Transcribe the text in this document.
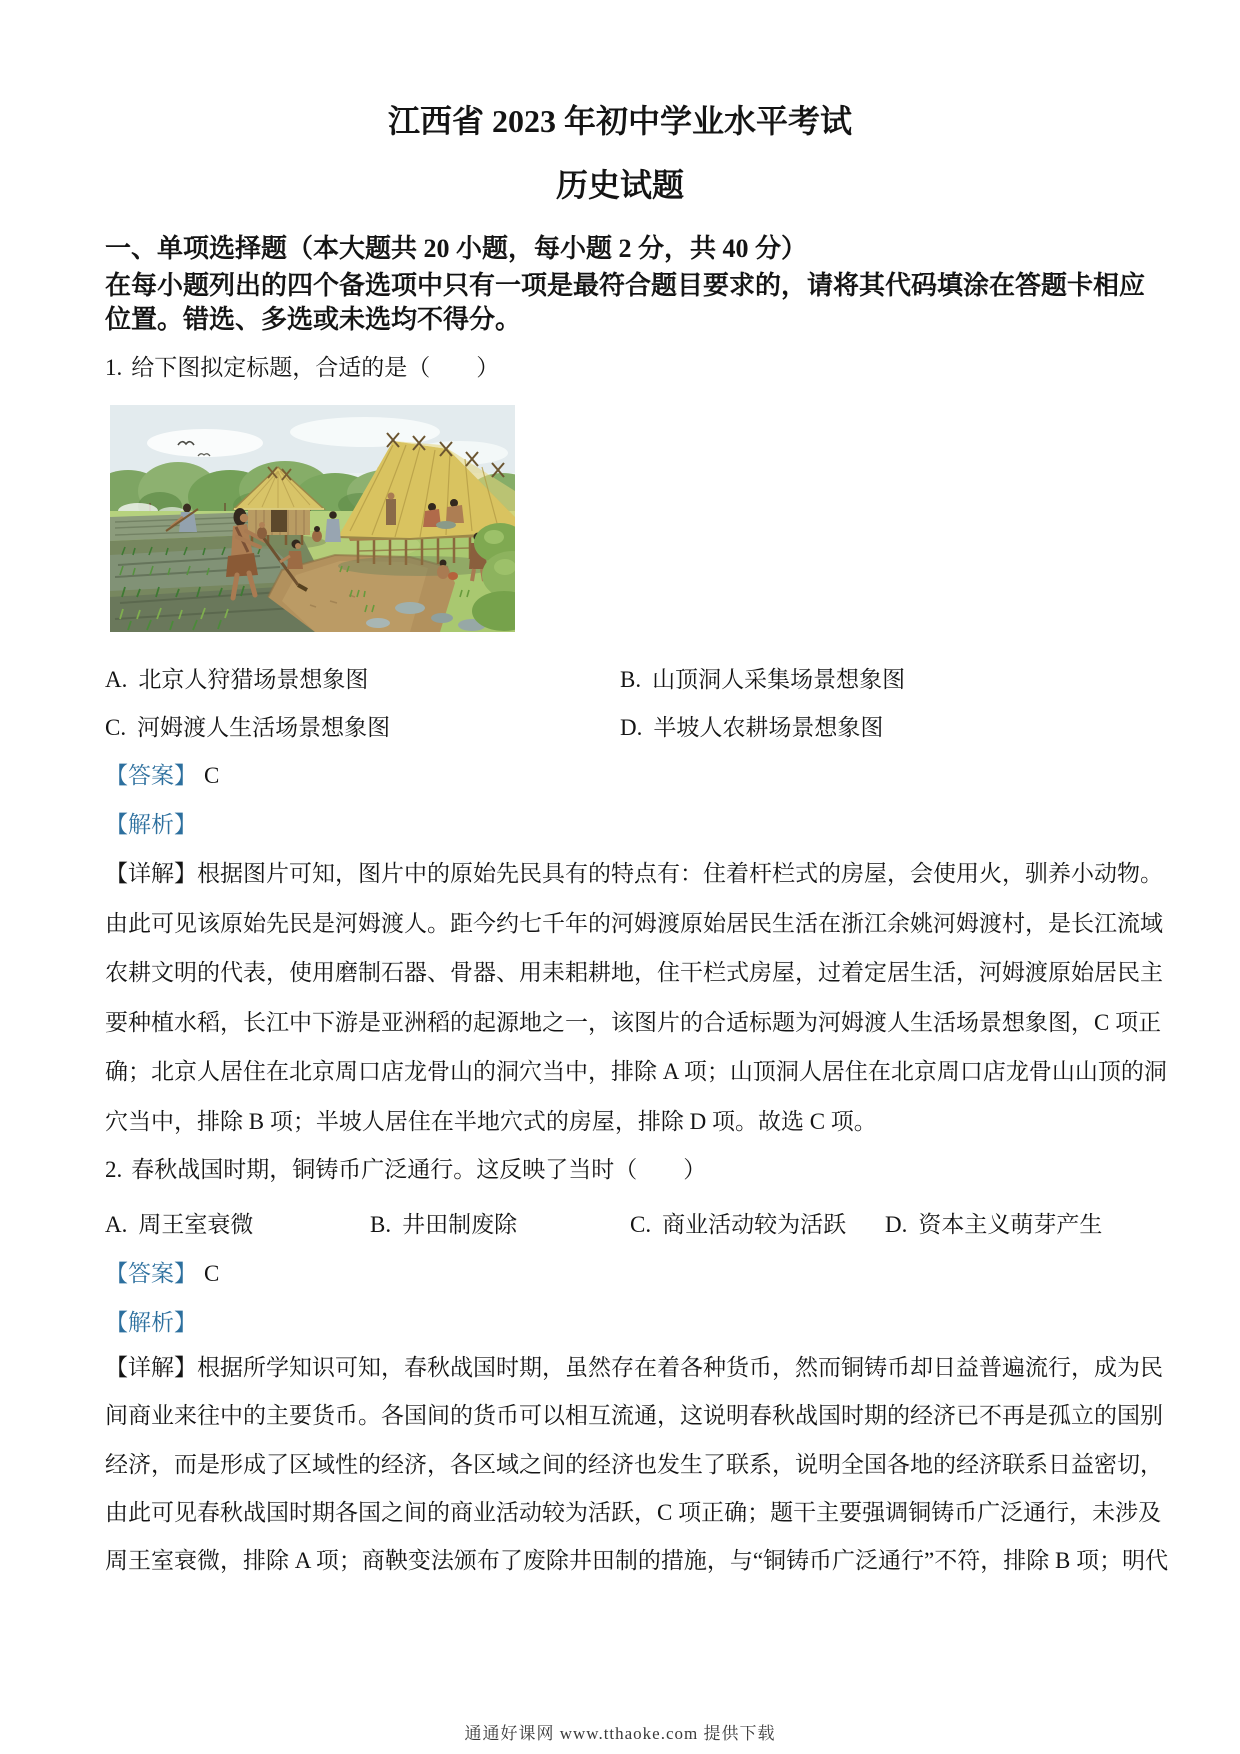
江西省 2023 年初中学业水平考试
历史试题
一、单项选择题（本大题共 20 小题，每小题 2 分，共 40 分）
在每小题列出的四个备选项中只有一项是最符合题目要求的，请将其代码填涂在答题卡相应
位置。错选、多选或未选均不得分。
1. 给下图拟定标题，合适的是（　　）
A. 北京人狩猎场景想象图	B. 山顶洞人采集场景想象图
C. 河姆渡人生活场景想象图	D. 半坡人农耕场景想象图
【答案】 C
【解析】
【详解】根据图片可知，图片中的原始先民具有的特点有：住着杆栏式的房屋，会使用火，驯养小动物。
由此可见该原始先民是河姆渡人。距今约七千年的河姆渡原始居民生活在浙江余姚河姆渡村，是长江流域
农耕文明的代表，使用磨制石器、骨器、用耒耜耕地，住干栏式房屋，过着定居生活，河姆渡原始居民主
要种植水稻，长江中下游是亚洲稻的起源地之一，该图片的合适标题为河姆渡人生活场景想象图，C 项正
确；北京人居住在北京周口店龙骨山的洞穴当中，排除 A 项；山顶洞人居住在北京周口店龙骨山山顶的洞
穴当中，排除 B 项；半坡人居住在半地穴式的房屋，排除 D 项。故选 C 项。
2. 春秋战国时期，铜铸币广泛通行。这反映了当时（　　）
A. 周王室衰微	B. 井田制废除	C. 商业活动较为活跃 D. 资本主义萌芽产生
【答案】 C
【解析】
【详解】根据所学知识可知，春秋战国时期，虽然存在着各种货币，然而铜铸币却日益普遍流行，成为民
间商业来往中的主要货币。各国间的货币可以相互流通，这说明春秋战国时期的经济已不再是孤立的国别
经济，而是形成了区域性的经济，各区域之间的经济也发生了联系，说明全国各地的经济联系日益密切，
由此可见春秋战国时期各国之间的商业活动较为活跃，C 项正确；题干主要强调铜铸币广泛通行，未涉及
周王室衰微，排除 A 项；商鞅变法颁布了废除井田制的措施，与“铜铸币广泛通行”不符，排除 B 项；明代
通通好课网 www.tthaoke.com 提供下载
